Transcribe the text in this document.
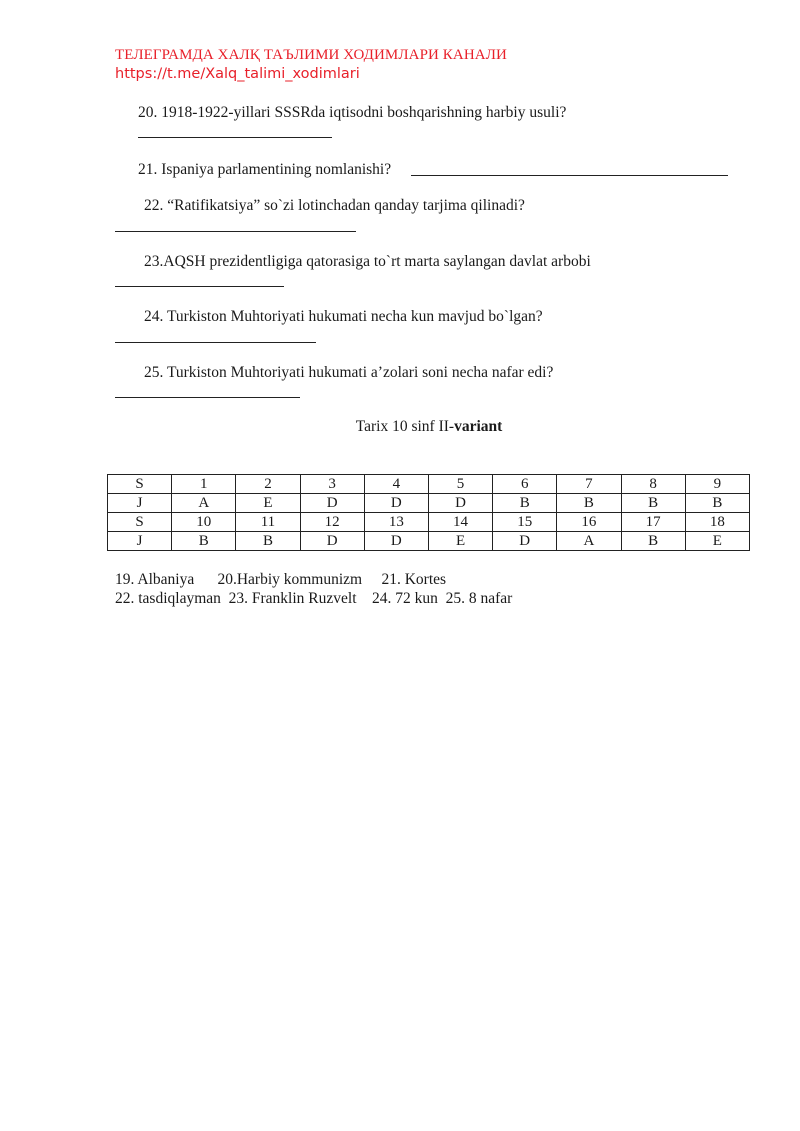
ТЕЛЕГРАМДА ХАЛҚ ТАЪЛИМИ ХОДИМЛАРИ КАНАЛИ
https://t.me/Xalq_talimi_xodimlari
20. 1918-1922-yillari SSSRda iqtisodni boshqarishning harbiy usuli?
21. Ispaniya parlamentining nomlanishi?
22. “Ratifikatsiya” so`zi lotinchadan qanday tarjima qilinadi?
23.AQSH prezidentligiga qatorasiga to`rt marta saylangan davlat arbobi
24. Turkiston Muhtoriyati hukumati necha kun mavjud bo`lgan?
25. Turkiston Muhtoriyati hukumati a’zolari soni necha nafar edi?
Tarix 10 sinf II-variant
S	1	2	3	4	5	6	7	8	9
J	A	E	D	D	D	B	B	B	B
S	10	11	12	13	14	15	16	17	18
J	B	B	D	D	E	D	A	B	E
19. Albaniya      20.Harbiy kommunizm     21. Kortes
22. tasdiqlayman  23. Franklin Ruzvelt    24. 72 kun  25. 8 nafar
